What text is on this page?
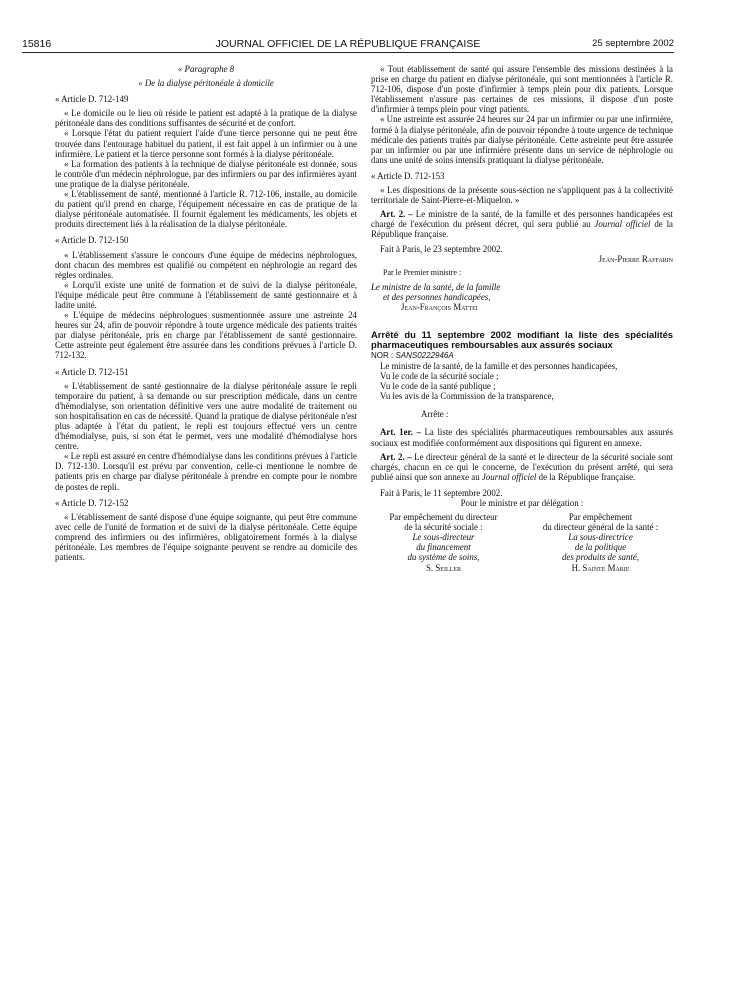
15816	JOURNAL OFFICIEL DE LA RÉPUBLIQUE FRANÇAISE	25 septembre 2002

« Paragraphe 8

« De la dialyse péritonéale à domicile

« Article D. 712-149

« Le domicile ou le lieu où réside le patient est adapté à la pratique de la dialyse péritonéale dans des conditions suffisantes de sécurité et de confort.

« Lorsque l'état du patient requiert l'aide d'une tierce personne qui ne peut être trouvée dans l'entourage habituel du patient, il est fait appel à un infirmier ou à une infirmière. Le patient et la tierce personne sont formés à la dialyse péritonéale.

« La formation des patients à la technique de dialyse péritonéale est donnée, sous le contrôle d'un médecin néphrologue, par des infirmiers ou par des infirmières ayant une pratique de la dialyse péritonéale.

« L'établissement de santé, mentionné à l'article R. 712-106, installe, au domicile du patient qu'il prend en charge, l'équipement nécessaire en cas de pratique de la dialyse péritonéale automatisée. Il fournit également les médicaments, les objets et produits directement liés à la réalisation de la dialyse péritonéale.

« Article D. 712-150

« L'établissement s'assure le concours d'une équipe de médecins néphrologues, dont chacun des membres est qualifié ou compétent en néphrologie au regard des règles ordinales.

« Lorqu'il existe une unité de formation et de suivi de la dialyse péritonéale, l'équipe médicale peut être commune à l'établissement de santé gestionnaire et à ladite unité.

« L'équipe de médecins néphrologues susmentionnée assure une astreinte 24 heures sur 24, afin de pouvoir répondre à toute urgence médicale des patients traités par dialyse péritonéale, pris en charge par l'établissement de santé gestionnaire. Cette astreinte peut également être assurée dans les conditions prévues à l'article D. 712-132.

« Article D. 712-151

« L'établissement de santé gestionnaire de la dialyse péritonéale assure le repli temporaire du patient, à sa demande ou sur prescription médicale, dans un centre d'hémodialyse, son orientation définitive vers une autre modalité de traitement ou son hospitalisation en cas de nécessité. Quand la pratique de dialyse péritonéale n'est plus adaptée à l'état du patient, le repli est toujours effectué vers un centre d'hémodialyse, puis, si son état le permet, vers une modalité d'hémodialyse hors centre.

« Le repli est assuré en centre d'hémodialyse dans les conditions prévues à l'article D. 712-130. Lorsqu'il est prévu par convention, celle-ci mentionne le nombre de patients pris en charge par dialyse péritonéale à prendre en compte pour le nombre de postes de repli.

« Article D. 712-152

« L'établissement de santé dispose d'une équipe soignante, qui peut être commune avec celle de l'unité de formation et de suivi de la dialyse péritonéale. Cette équipe comprend des infirmiers ou des infirmières, obligatoirement formés à la dialyse péritonéale. Les membres de l'équipe soignante peuvent se rendre au domicile des patients.

« Tout établissement de santé qui assure l'ensemble des missions destinées à la prise en charge du patient en dialyse péritonéale, qui sont mentionnées à l'article R. 712-106, dispose d'un poste d'infirmier à temps plein pour dix patients. Lorsque l'établissement n'assure pas certaines de ces missions, il dispose d'un poste d'infirmier à temps plein pour vingt patients.

« Une astreinte est assurée 24 heures sur 24 par un infirmier ou par une infirmière, formé à la dialyse péritonéale, afin de pouvoir répondre à toute urgence de technique médicale des patients traités par dialyse péritonéale. Cette astreinte peut être assurée par un infirmier ou par une infirmière présente dans un service de néphrologie ou dans une unité de soins intensifs pratiquant la dialyse péritonéale.

« Article D. 712-153

« Les dispositions de la présente sous-section ne s'appliquent pas à la collectivité territoriale de Saint-Pierre-et-Miquelon. »

Art. 2. – Le ministre de la santé, de la famille et des personnes handicapées est chargé de l'exécution du présent décret, qui sera publié au Journal officiel de la République française.

Fait à Paris, le 23 septembre 2002.

Jean-Pierre Raffarin

Par le Premier ministre :

Le ministre de la santé, de la famille

et des personnes handicapées,

Jean-François Mattei

Arrêté du 11 septembre 2002 modifiant la liste des spécialités pharmaceutiques remboursables aux assurés sociaux

NOR : SANS0222946A

Le ministre de la santé, de la famille et des personnes handicapées,

Vu le code de la sécurité sociale ;

Vu le code de la santé publique ;

Vu les avis de la Commission de la transparence,

Arrête :

Art. 1er. – La liste des spécialités pharmaceutiques remboursables aux assurés sociaux est modifiée conformément aux dispositions qui figurent en annexe.

Art. 2. – Le directeur général de la santé et le directeur de la sécurité sociale sont chargés, chacun en ce qui le concerne, de l'exécution du présent arrêté, qui sera publié ainsi que son annexe au Journal officiel de la République française.

Fait à Paris, le 11 septembre 2002.

Pour le ministre et par délégation :

Par empêchement du directeur

de la sécurité sociale :

Le sous-directeur

du financement

du système de soins,

S. Seiller

Par empêchement

du directeur général de la santé :

La sous-directrice

de la politique

des produits de santé,

H. Sainte Marie
